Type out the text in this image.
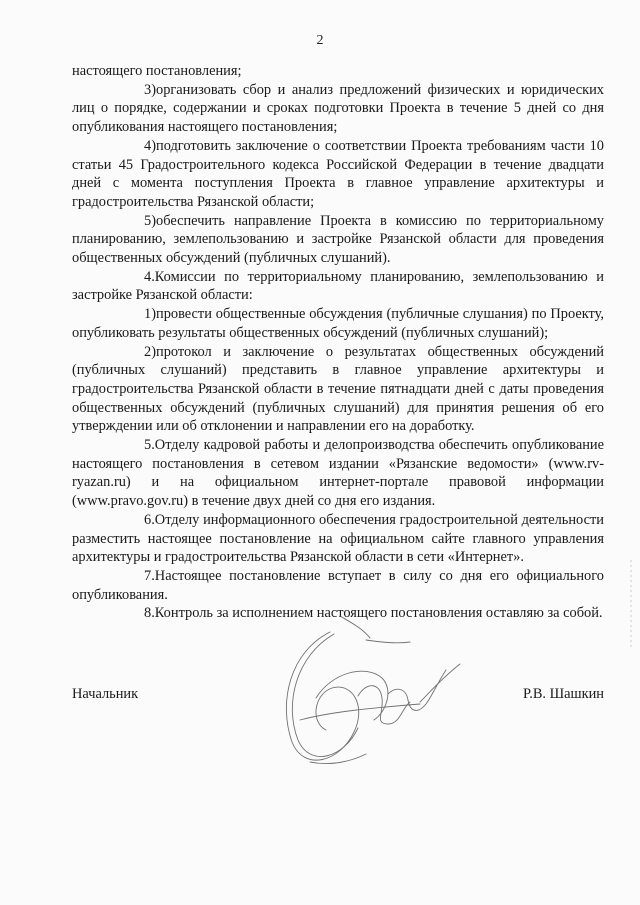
2

настоящего постановления;

3)организовать сбор и анализ предложений физических и юридических лиц о порядке, содержании и сроках подготовки Проекта в течение 5 дней со дня опубликования настоящего постановления;

4)подготовить заключение о соответствии Проекта требованиям части 10 статьи 45 Градостроительного кодекса Российской Федерации в течение двадцати дней с момента поступления Проекта в главное управление архитектуры и градостроительства Рязанской области;

5)обеспечить направление Проекта в комиссию по территориальному планированию, землепользованию и застройке Рязанской области для проведения общественных обсуждений (публичных слушаний).

4.Комиссии по территориальному планированию, землепользованию и застройке Рязанской области:

1)провести общественные обсуждения (публичные слушания) по Проекту, опубликовать результаты общественных обсуждений (публичных слушаний);

2)протокол и заключение о результатах общественных обсуждений (публичных слушаний) представить в главное управление архитектуры и градостроительства Рязанской области в течение пятнадцати дней с даты проведения общественных обсуждений (публичных слушаний) для принятия решения об его утверждении или об отклонении и направлении его на доработку.

5.Отделу кадровой работы и делопроизводства обеспечить опубликование настоящего постановления в сетевом издании «Рязанские ведомости» (www.rv-ryazan.ru) и на официальном интернет-портале правовой информации (www.pravo.gov.ru) в течение двух дней со дня его издания.

6.Отделу информационного обеспечения градостроительной деятельности разместить настоящее постановление на официальном сайте главного управления архитектуры и градостроительства Рязанской области в сети «Интернет».

7.Настоящее постановление вступает в силу со дня его официального опубликования.

8.Контроль за исполнением настоящего постановления оставляю за собой.

Начальник	Р.В. Шашкин
